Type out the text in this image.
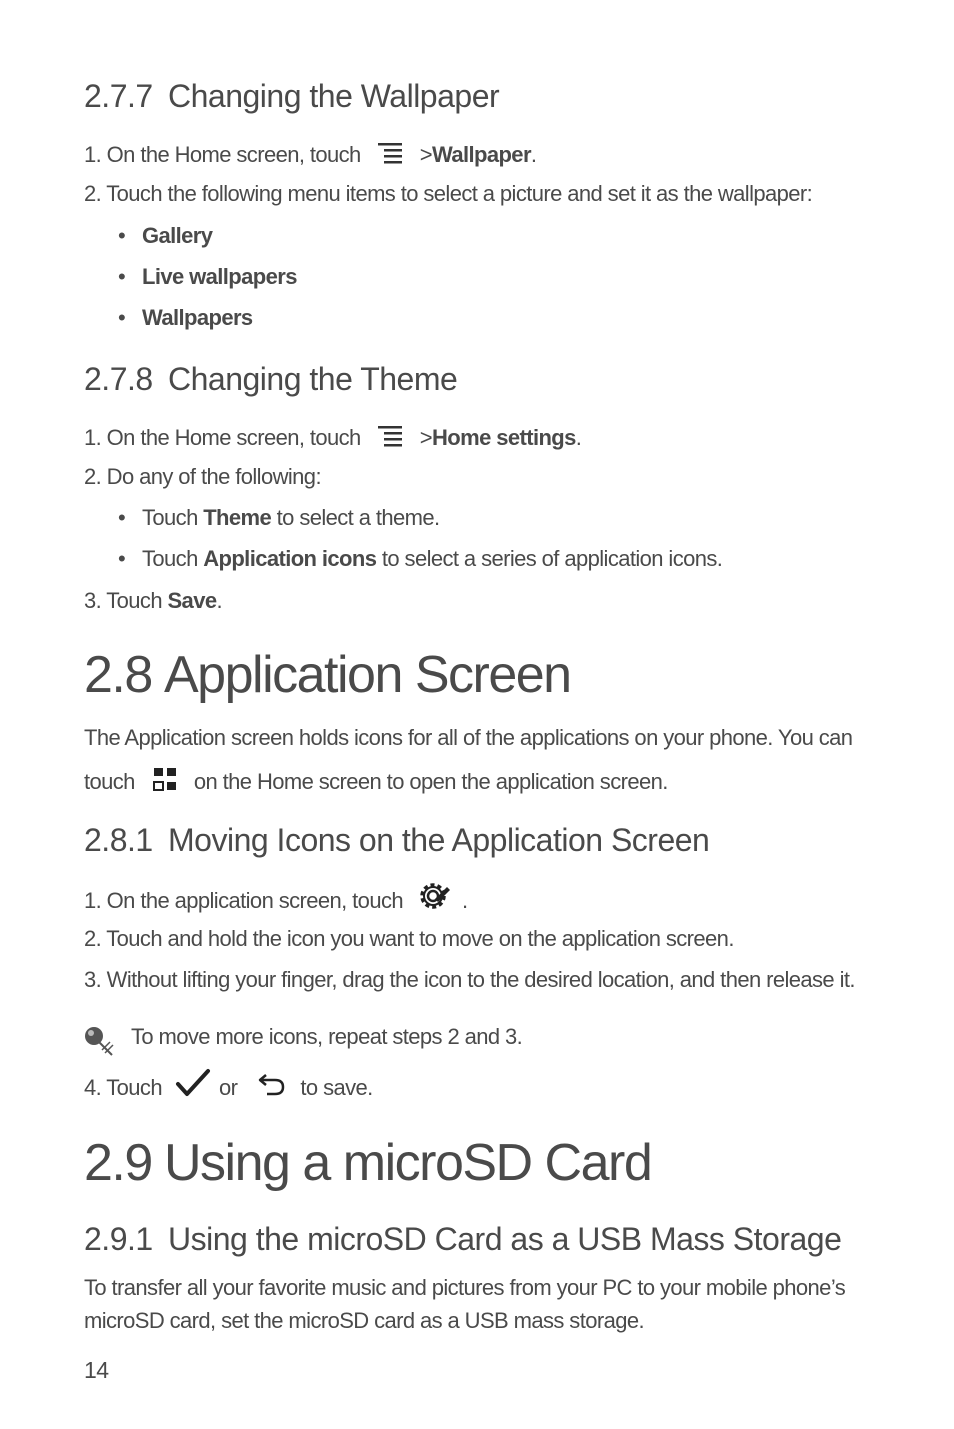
2.7.7 Changing the Wallpaper
1. On the Home screen, touch	>Wallpaper.
2. Touch the following menu items to select a picture and set it as the wallpaper:
• Gallery
• Live wallpapers
• Wallpapers
2.7.8 Changing the Theme
1. On the Home screen, touch	>Home settings.
2. Do any of the following:
• Touch Theme to select a theme.
• Touch Application icons to select a series of application icons.
3. Touch Save.
2.8 Application Screen
The Application screen holds icons for all of the applications on your phone. You can
touch	on the Home screen to open the application screen.
2.8.1 Moving Icons on the Application Screen
1. On the application screen, touch	.
2. Touch and hold the icon you want to move on the application screen.
3. Without lifting your finger, drag the icon to the desired location, and then release it.
To move more icons, repeat steps 2 and 3.
4. Touch	or	to save.
2.9 Using a microSD Card
2.9.1 Using the microSD Card as a USB Mass Storage
To transfer all your favorite music and pictures from your PC to your mobile phone’s
microSD card, set the microSD card as a USB mass storage.
14
